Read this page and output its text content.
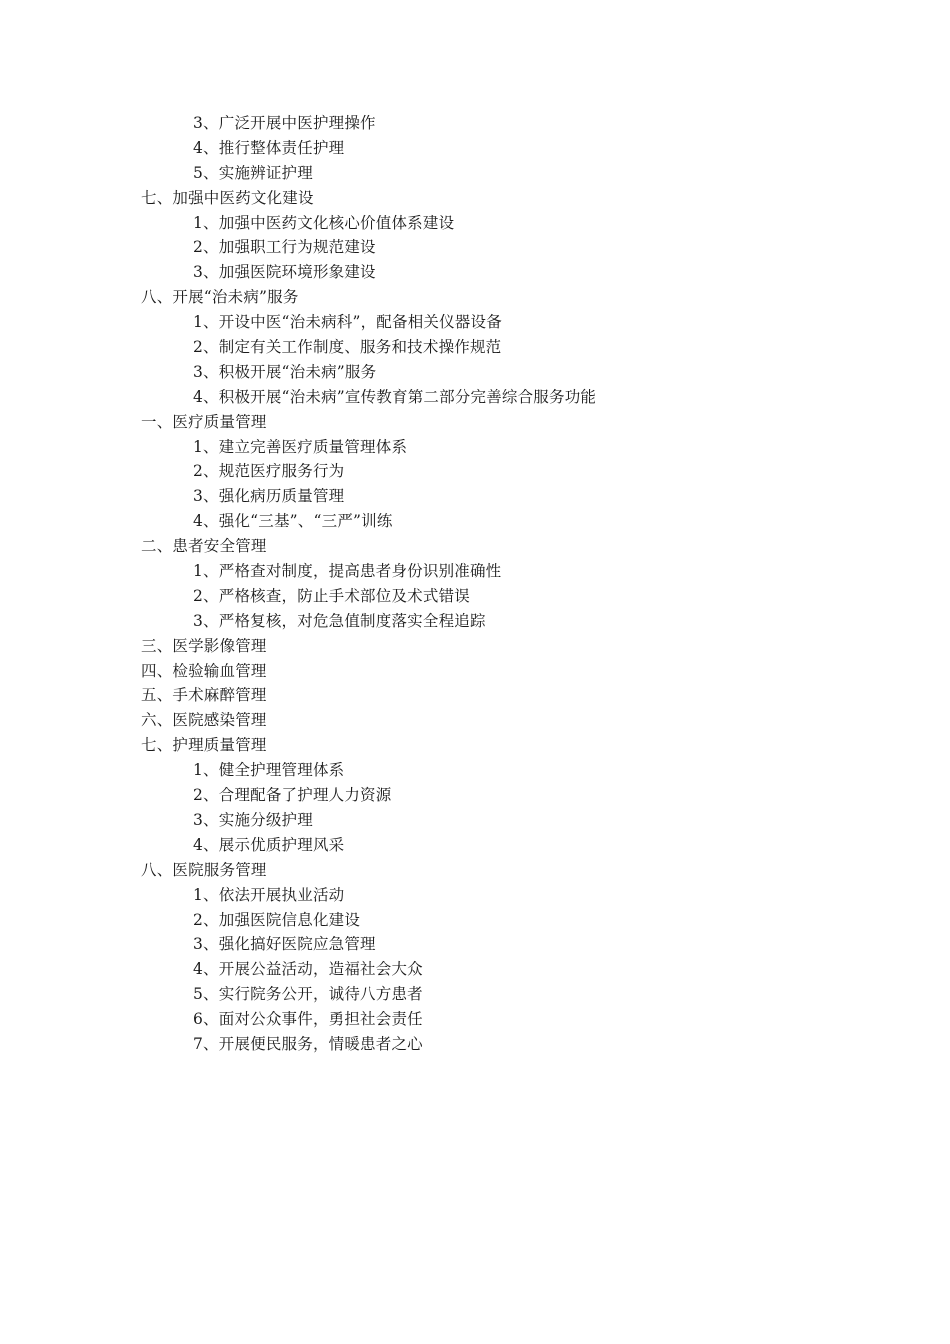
3、广泛开展中医护理操作
4、推行整体责任护理
5、实施辨证护理
七、加强中医药文化建设
1、加强中医药文化核心价值体系建设
2、加强职工行为规范建设
3、加强医院环境形象建设
八、开展“治未病”服务
1、开设中医“治未病科”，配备相关仪器设备
2、制定有关工作制度、服务和技术操作规范
3、积极开展“治未病”服务
4、积极开展“治未病”宣传教育第二部分完善综合服务功能
一、医疗质量管理
1、建立完善医疗质量管理体系
2、规范医疗服务行为
3、强化病历质量管理
4、强化“三基”、“三严”训练
二、患者安全管理
1、严格查对制度，提高患者身份识别准确性
2、严格核查，防止手术部位及术式错误
3、严格复核，对危急值制度落实全程追踪
三、医学影像管理
四、检验输血管理
五、手术麻醉管理
六、医院感染管理
七、护理质量管理
1、健全护理管理体系
2、合理配备了护理人力资源
3、实施分级护理
4、展示优质护理风采
八、医院服务管理
1、依法开展执业活动
2、加强医院信息化建设
3、强化搞好医院应急管理
4、开展公益活动，造福社会大众
5、实行院务公开，诚待八方患者
6、面对公众事件，勇担社会责任
7、开展便民服务，情暖患者之心
